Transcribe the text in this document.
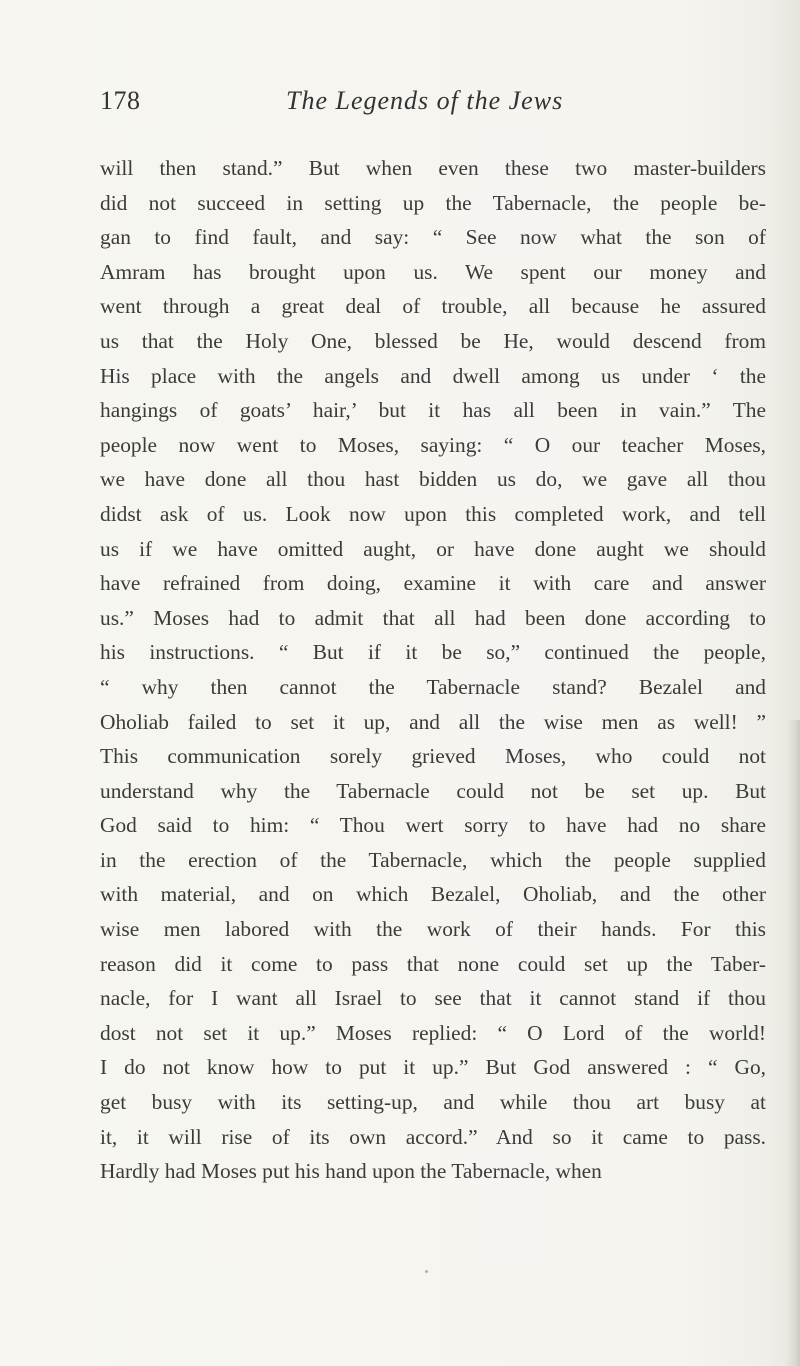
178	The Legends of the Jews
will then stand.” But when even these two master-builders
did not succeed in setting up the Tabernacle, the people be-
gan to find fault, and say: “ See now what the son of
Amram has brought upon us. We spent our money and
went through a great deal of trouble, all because he assured
us that the Holy One, blessed be He, would descend from
His place with the angels and dwell among us under ‘ the
hangings of goats’ hair,’ but it has all been in vain.” The
people now went to Moses, saying: “ O our teacher Moses,
we have done all thou hast bidden us do, we gave all thou
didst ask of us. Look now upon this completed work, and tell
us if we have omitted aught, or have done aught we should
have refrained from doing, examine it with care and answer
us.” Moses had to admit that all had been done according to
his instructions. “ But if it be so,” continued the people,
“ why then cannot the Tabernacle stand? Bezalel and
Oholiab failed to set it up, and all the wise men as well! ”
This communication sorely grieved Moses, who could not
understand why the Tabernacle could not be set up. But
God said to him: “ Thou wert sorry to have had no share
in the erection of the Tabernacle, which the people supplied
with material, and on which Bezalel, Oholiab, and the other
wise men labored with the work of their hands. For this
reason did it come to pass that none could set up the Taber-
nacle, for I want all Israel to see that it cannot stand if thou
dost not set it up.” Moses replied: “ O Lord of the world!
I do not know how to put it up.” But God answered : “ Go,
get busy with its setting-up, and while thou art busy at
it, it will rise of its own accord.” And so it came to pass.
Hardly had Moses put his hand upon the Tabernacle, when
